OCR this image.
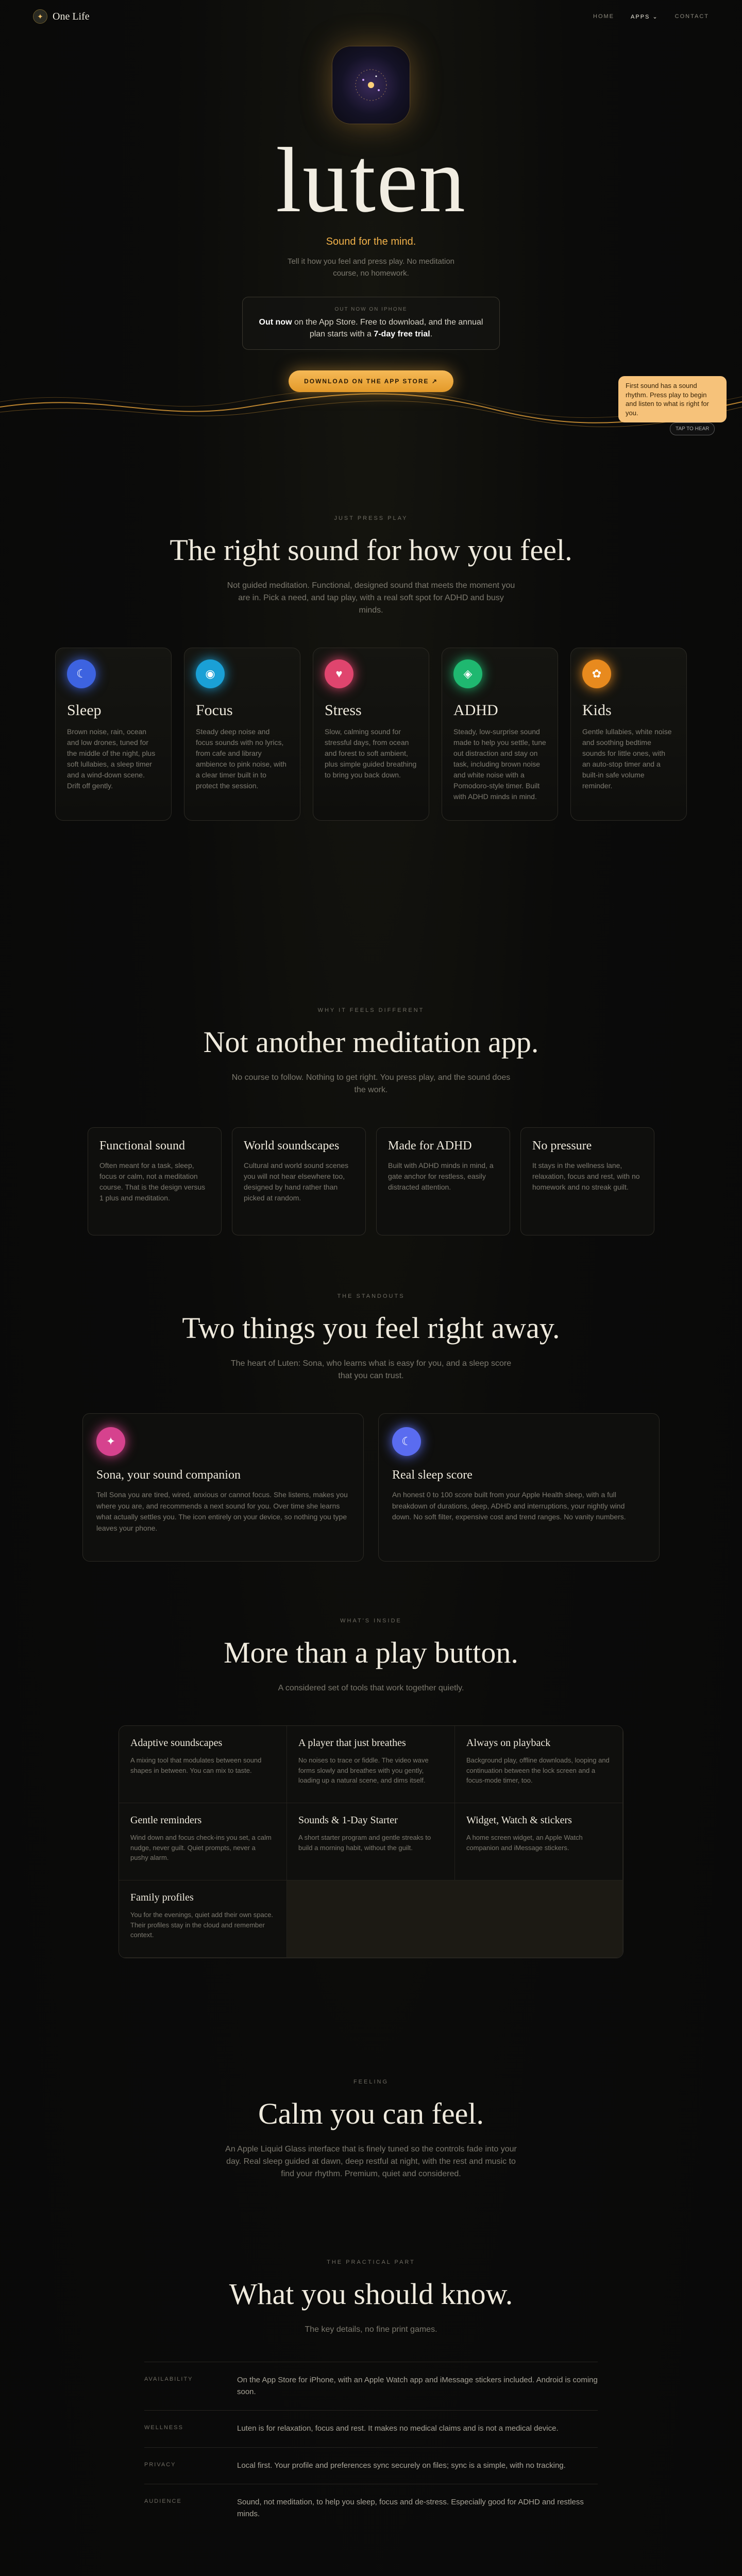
✦ One Life	HOME	APPS ⌄	CONTACT
luten
Sound for the mind.
Tell it how you feel and press play. No meditation course, no homework.
OUT NOW ON IPHONE
Out now on the App Store. Free to download, and the annual plan starts with a 7-day free trial.
DOWNLOAD ON THE APP STORE ↗
First sound has a sound rhythm. Press play to begin and listen to what is right for you.
TAP TO HEAR
JUST PRESS PLAY
The right sound for how you feel.
Not guided meditation. Functional, designed sound that meets the moment you are in. Pick a need, and tap play, with a real soft spot for ADHD and busy minds.
☾
Sleep

Brown noise, rain, ocean and low drones, tuned for the middle of the night, plus soft lullabies, a sleep timer and a wind-down scene. Drift off gently.

◉
Focus

Steady deep noise and focus sounds with no lyrics, from cafe and library ambience to pink noise, with a clear timer built in to protect the session.

♥
Stress

Slow, calming sound for stressful days, from ocean and forest to soft ambient, plus simple guided breathing to bring you back down.

◈
ADHD

Steady, low-surprise sound made to help you settle, tune out distraction and stay on task, including brown noise and white noise with a Pomodoro-style timer. Built with ADHD minds in mind.

✿
Kids

Gentle lullabies, white noise and soothing bedtime sounds for little ones, with an auto-stop timer and a built-in safe volume reminder.

WHY IT FEELS DIFFERENT
Not another meditation app.
No course to follow. Nothing to get right. You press play, and the sound does the work.
Functional sound

Often meant for a task, sleep, focus or calm, not a meditation course. That is the design versus 1 plus and meditation.

World soundscapes

Cultural and world sound scenes you will not hear elsewhere too, designed by hand rather than picked at random.

Made for ADHD

Built with ADHD minds in mind, a gate anchor for restless, easily distracted attention.

No pressure

It stays in the wellness lane, relaxation, focus and rest, with no homework and no streak guilt.

THE STANDOUTS
Two things you feel right away.
The heart of Luten: Sona, who learns what is easy for you, and a sleep score that you can trust.
✦
Sona, your sound companion

Tell Sona you are tired, wired, anxious or cannot focus. She listens, makes you where you are, and recommends a next sound for you. Over time she learns what actually settles you. The icon entirely on your device, so nothing you type leaves your phone.

☾
Real sleep score

An honest 0 to 100 score built from your Apple Health sleep, with a full breakdown of durations, deep, ADHD and interruptions, your nightly wind down. No soft filter, expensive cost and trend ranges. No vanity numbers.

WHAT'S INSIDE
More than a play button.
A considered set of tools that work together quietly.
Adaptive soundscapes

A mixing tool that modulates between sound shapes in between. You can mix to taste.

A player that just breathes

No noises to trace or fiddle. The video wave forms slowly and breathes with you gently, loading up a natural scene, and dims itself.

Always on playback

Background play, offline downloads, looping and continuation between the lock screen and a focus-mode timer, too.

Gentle reminders

Wind down and focus check-ins you set, a calm nudge, never guilt. Quiet prompts, never a pushy alarm.

Sounds & 1-Day Starter

A short starter program and gentle streaks to build a morning habit, without the guilt.

Widget, Watch & stickers

A home screen widget, an Apple Watch companion and iMessage stickers.

Family profiles

You for the evenings, quiet add their own space. Their profiles stay in the cloud and remember context.

FEELING
Calm you can feel.
An Apple Liquid Glass interface that is finely tuned so the controls fade into your day. Real sleep guided at dawn, deep restful at night, with the rest and music to find your rhythm. Premium, quiet and considered.
THE PRACTICAL PART
What you should know.
The key details, no fine print games.
AVAILABILITY	On the App Store for iPhone, with an Apple Watch app and iMessage stickers included. Android is coming soon.
WELLNESS	Luten is for relaxation, focus and rest. It makes no medical claims and is not a medical device.
PRIVACY	Local first. Your profile and preferences sync securely on files; sync is a simple, with no tracking.
AUDIENCE	Sound, not meditation, to help you sleep, focus and de-stress. Especially good for ADHD and restless minds.
